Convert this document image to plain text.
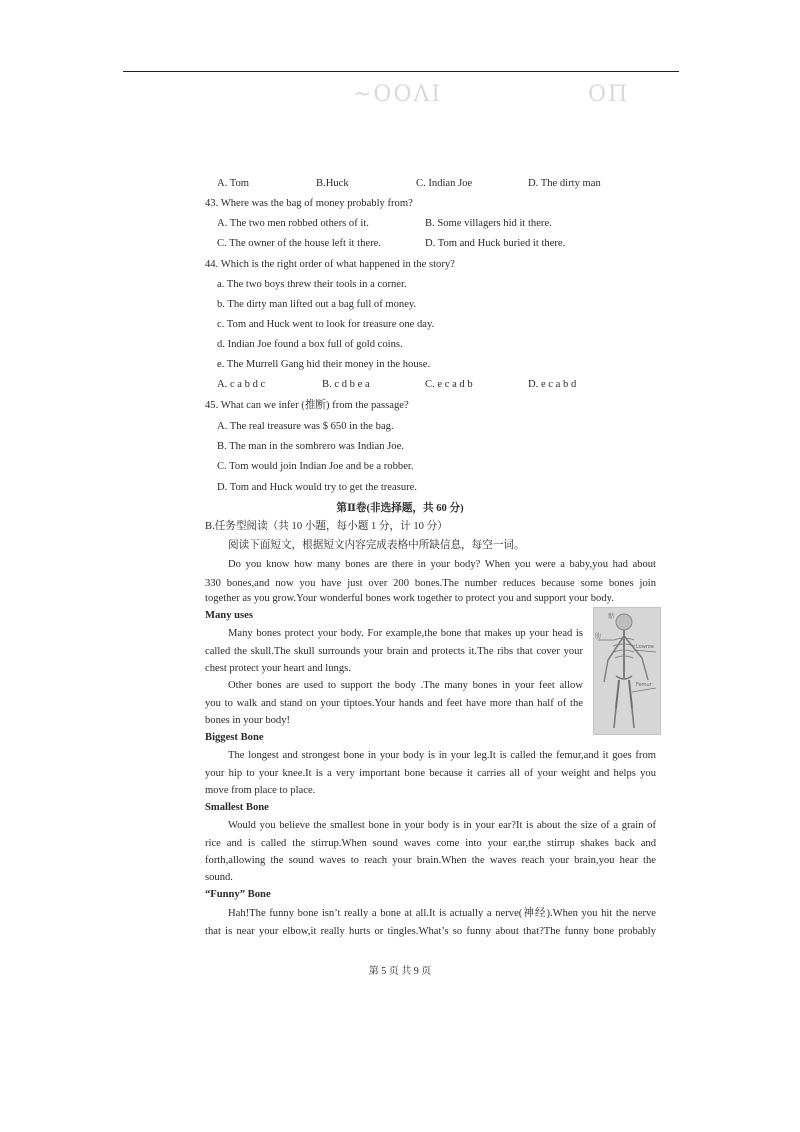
~ΟΟΛΙ	ΟΠ
A. Tom	B.Huck	C. Indian Joe	D. The dirty man
43. Where was the bag of money probably from?
A. The two men robbed others of it.	B. Some villagers hid it there.
C. The owner of the house left it there.	D. Tom and Huck buried it there.
44. Which is the right order of what happened in the story?
a. The two boys threw their tools in a corner.
b. The dirty man lifted out a bag full of money.
c. Tom and Huck went to look for treasure one day.
d. Indian Joe found a box full of gold coins.
e. The Murrell Gang hid their money in the house.
A. c a b d c	B. c d b e a	C. e c a d b	D. e c a b d
45. What can we infer (推断) from the passage?
A. The real treasure was $ 650 in the bag.
B. The man in the sombrero was Indian Joe.
C. Tom would join Indian Joe and be a robber.
D. Tom and Huck would try to get the treasure.
第Ⅱ卷(非选择题，共 60 分)
B.任务型阅读（共 10 小题，每小题 1 分，计 10 分）
阅读下面短文，根据短文内容完成表格中所缺信息，每空一词。
Do you know how many bones are there in your body? When you were a baby,you had about
330 bones,and now you have just over 200 bones.The number reduces because some bones join
together as you grow.Your wonderful bones work together to protect you and support your body.
Many uses
Many bones protect your body. For example,the bone that makes up your head is
called the skull.The skull surrounds your brain and protects it.The ribs that cover your
chest protect your heart and lungs.
Other bones are used to support the body .The many bones in your feet allow
you to walk and stand on your tiptoes.Your hands and feet have more than half of the
bones in your body!
骷
肋
Lowroe
Femur
Biggest Bone
The longest and strongest bone in your body is in your leg.It is called the femur,and it goes from
your hip to your knee.It is a very important bone because it carries all of your weight and helps you
move from place to place.
Smallest Bone
Would you believe the smallest bone in your body is in your ear?It is about the size of a grain of
rice and is called the stirrup.When sound waves come into your ear,the stirrup shakes back and
forth,allowing the sound waves to reach your brain.When the waves reach your brain,you hear the
sound.
“Funny” Bone
Hah!The funny bone isn’t really a bone at all.It is actually a nerve(神经).When you hit the nerve
that is near your elbow,it really hurts or tingles.What’s so funny about that?The funny bone probably
第 5 页 共 9 页
